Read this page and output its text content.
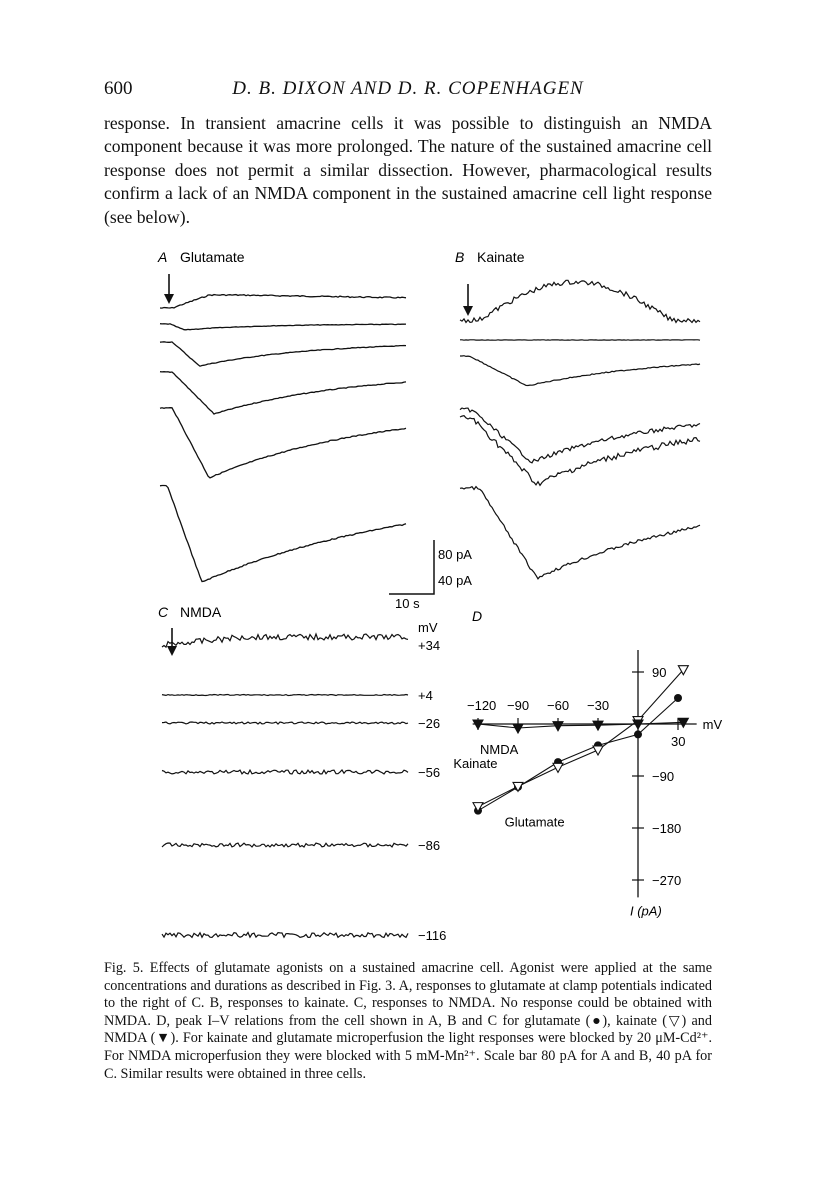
600	D. B. DIXON AND D. R. COPENHAGEN

response. In transient amacrine cells it was possible to distinguish an NMDA component because it was more prolonged. The nature of the sustained amacrine cell response does not permit a similar dissection. However, pharmacological results confirm a lack of an NMDA component in the sustained amacrine cell light response (see below).

A Glutamate	B Kainate
80 pA
40 pA
10 s
C NMDA
mV
+34
+4
−26
−56
−86
−116
D
−120 −90 −60 −30
30
90
−90
−180
−270
mV
I (pA)
Glutamate
Kainate
NMDA
Fig. 5. Effects of glutamate agonists on a sustained amacrine cell. Agonist were applied at the same concentrations and durations as described in Fig. 3. A, responses to glutamate at clamp potentials indicated to the right of C. B, responses to kainate. C, responses to NMDA. No response could be obtained with NMDA. D, peak I–V relations from the cell shown in A, B and C for glutamate (●), kainate (▽) and NMDA (▼). For kainate and glutamate microperfusion the light responses were blocked by 20 μM-Cd²⁺. For NMDA microperfusion they were blocked with 5 mM-Mn²⁺. Scale bar 80 pA for A and B, 40 pA for C. Similar results were obtained in three cells.
